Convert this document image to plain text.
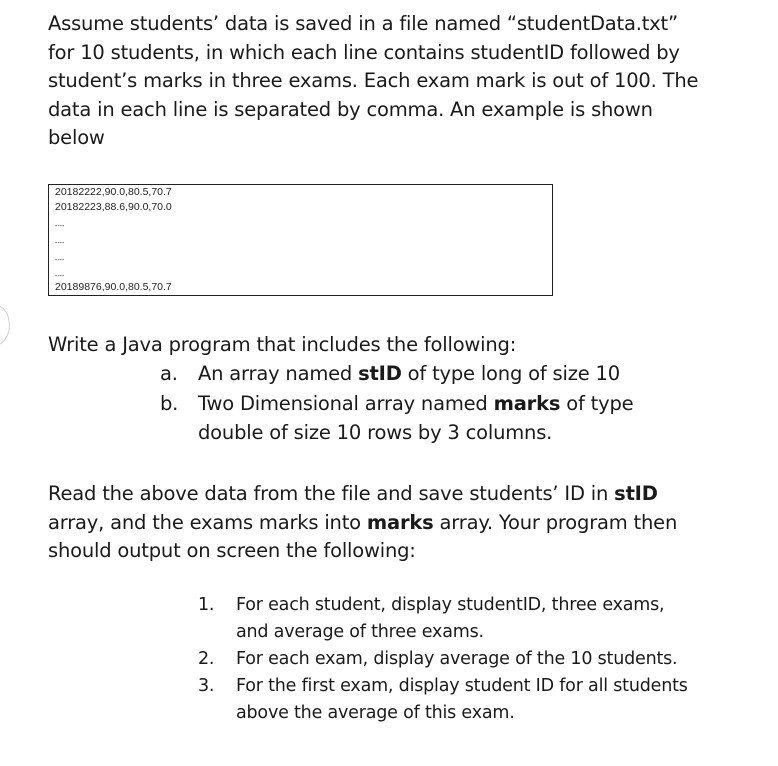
Assume students’ data is saved in a file named “studentData.txt”
for 10 students, in which each line contains studentID followed by
student’s marks in three exams. Each exam mark is out of 100. The
data in each line is separated by comma. An example is shown
below
20182222,90.0,80.5,70.7
20182223,88.6,90.0,70.0
----
----
----
----
20189876,90.0,80.5,70.7
Write a Java program that includes the following:
a. An array named stID of type long of size 10
b. Two Dimensional array named marks of type
double of size 10 rows by 3 columns.
Read the above data from the file and save students’ ID in stID
array, and the exams marks into marks array. Your program then
should output on screen the following:
1. For each student, display studentID, three exams,
and average of three exams.
2. For each exam, display average of the 10 students.
3. For the first exam, display student ID for all students
above the average of this exam.
